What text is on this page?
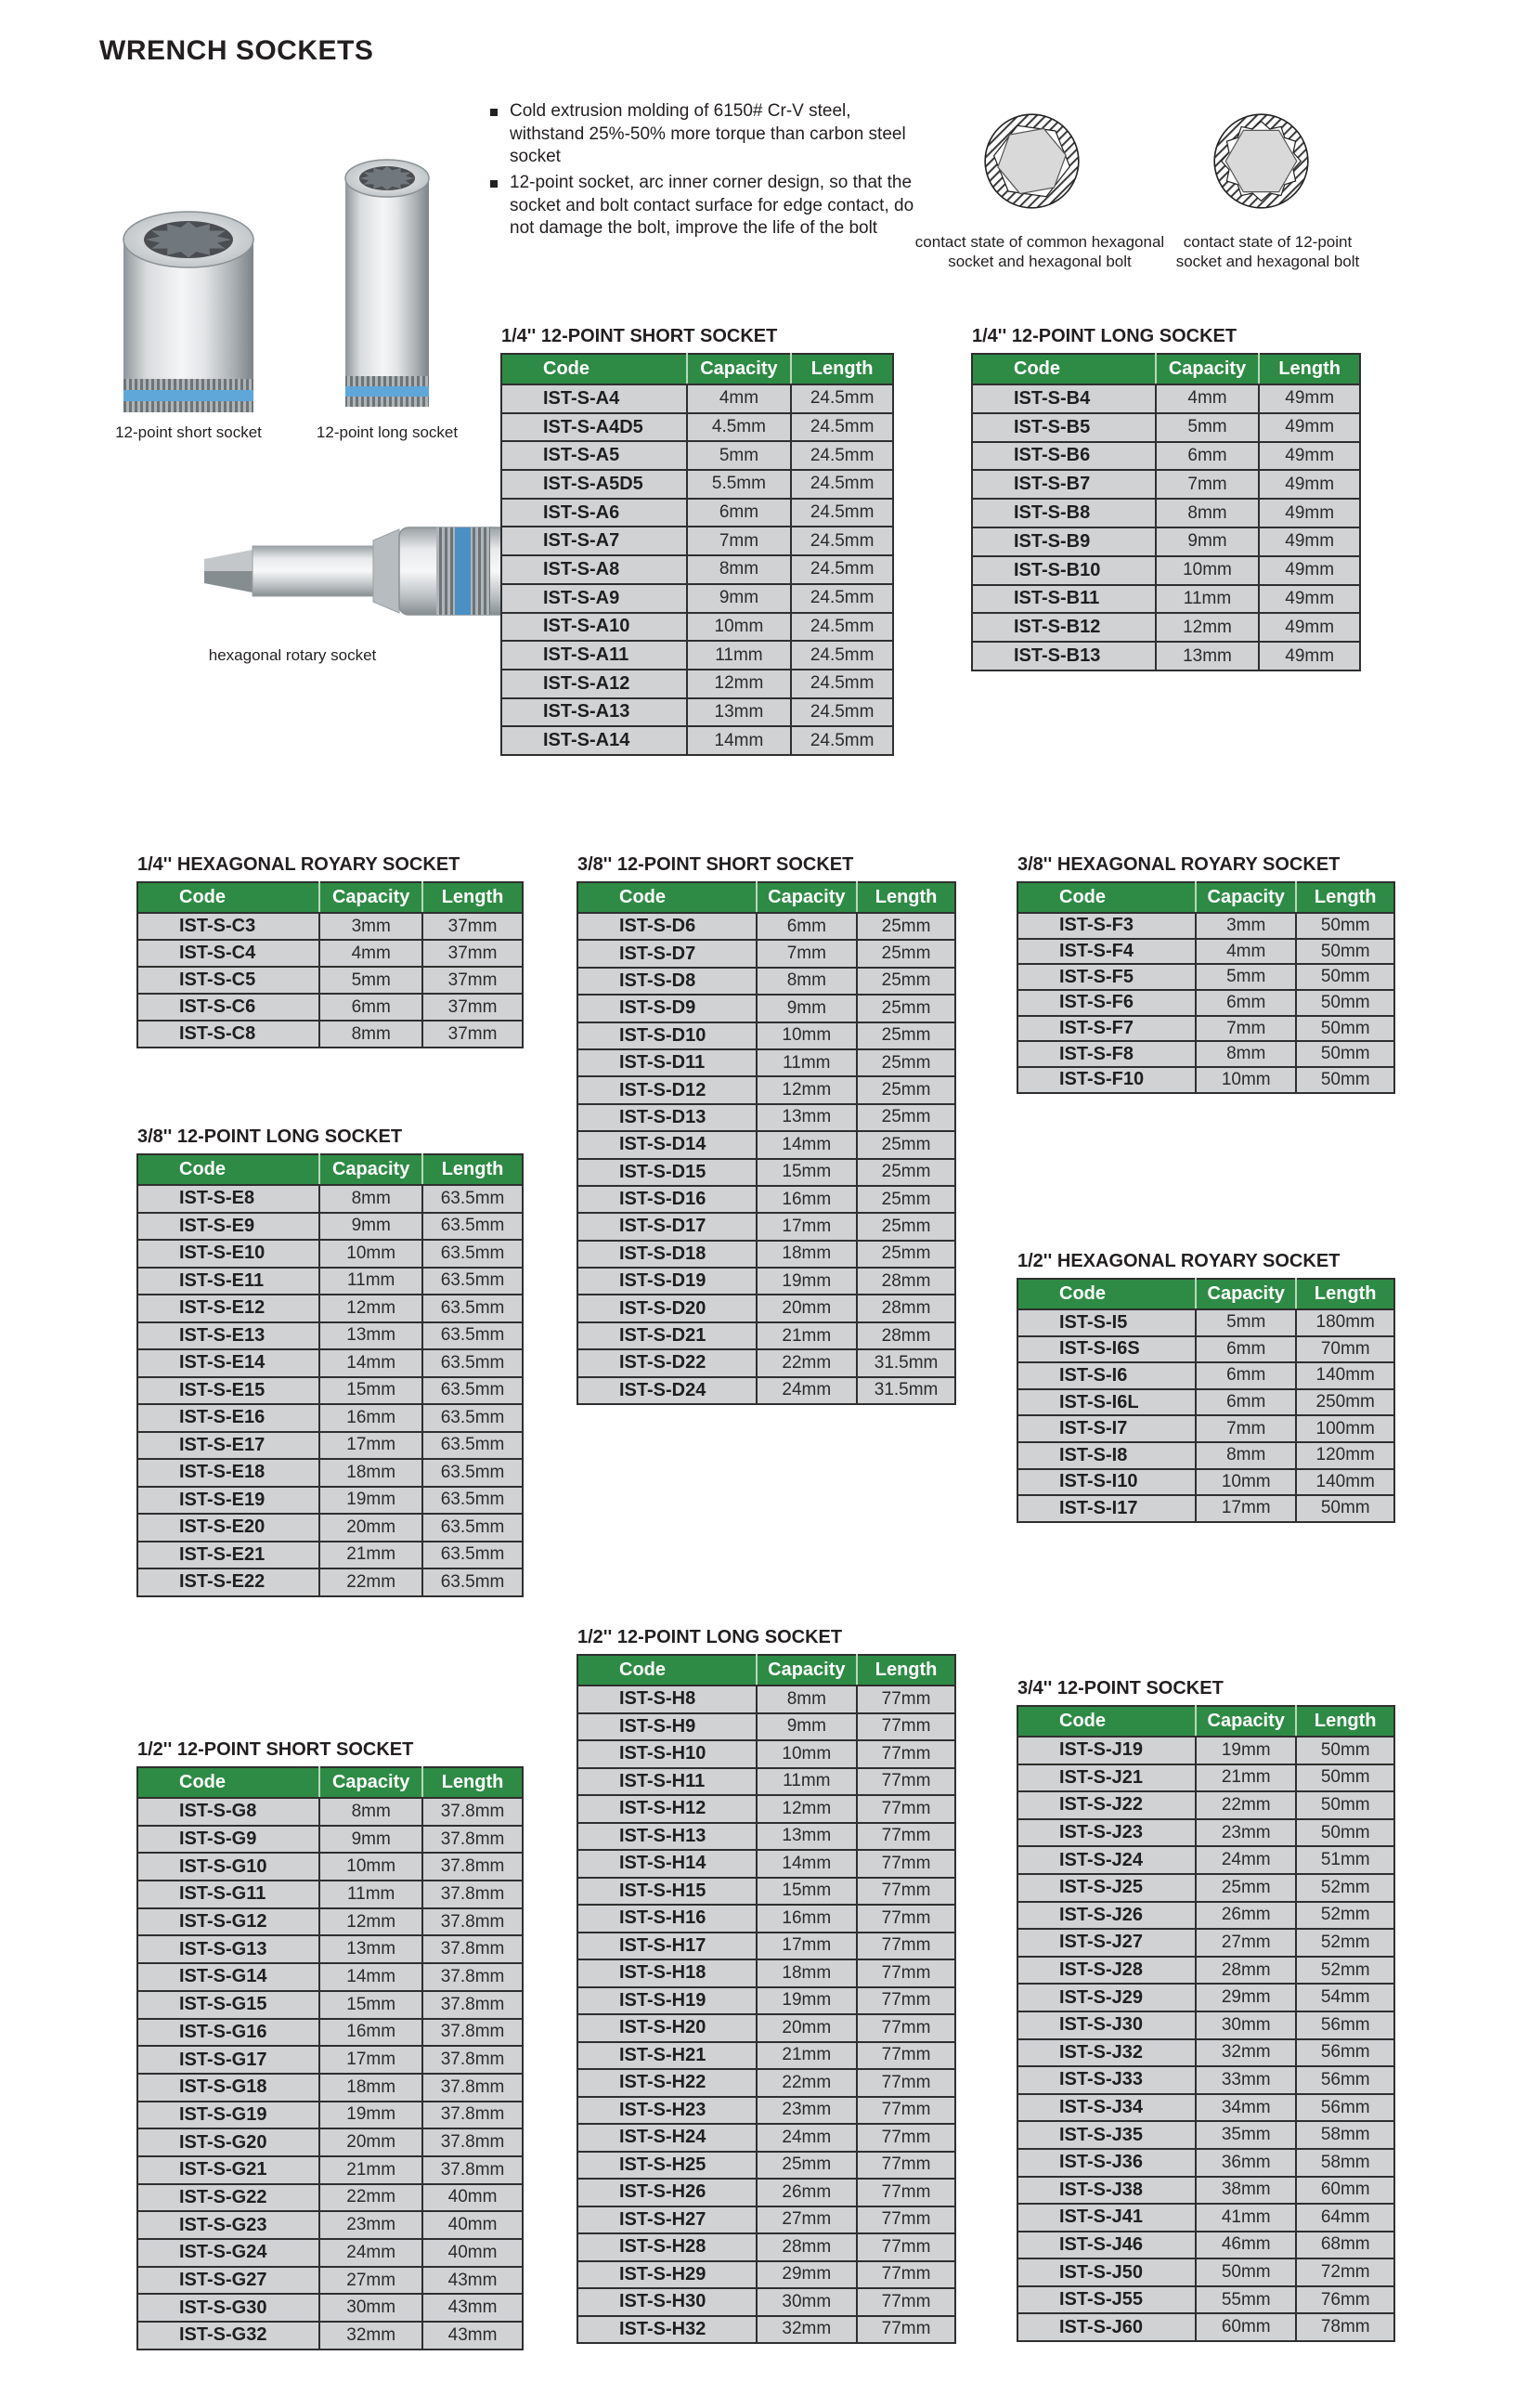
WRENCH SOCKETS
Cold extrusion molding of 6150# Cr-V steel, withstand 25%-50% more torque than carbon steel socket
12-point socket, arc inner corner design, so that the socket and bolt contact surface for edge contact, do not damage the bolt, improve the life of the bolt
contact state of common hexagonal socket and hexagonal bolt
contact state of 12-point socket and hexagonal bolt
12-point short socket	12-point long socket
hexagonal rotary socket
1/4'' 12-POINT SHORT SOCKET
Code	Capacity	Length
IST-S-A4	4mm	24.5mm
IST-S-A4D5	4.5mm	24.5mm
IST-S-A5	5mm	24.5mm
IST-S-A5D5	5.5mm	24.5mm
IST-S-A6	6mm	24.5mm
IST-S-A7	7mm	24.5mm
IST-S-A8	8mm	24.5mm
IST-S-A9	9mm	24.5mm
IST-S-A10	10mm	24.5mm
IST-S-A11	11mm	24.5mm
IST-S-A12	12mm	24.5mm
IST-S-A13	13mm	24.5mm
IST-S-A14	14mm	24.5mm
1/4'' 12-POINT LONG SOCKET
Code	Capacity	Length
IST-S-B4	4mm	49mm
IST-S-B5	5mm	49mm
IST-S-B6	6mm	49mm
IST-S-B7	7mm	49mm
IST-S-B8	8mm	49mm
IST-S-B9	9mm	49mm
IST-S-B10	10mm	49mm
IST-S-B11	11mm	49mm
IST-S-B12	12mm	49mm
IST-S-B13	13mm	49mm
1/4'' HEXAGONAL ROYARY SOCKET
Code	Capacity	Length
IST-S-C3	3mm	37mm
IST-S-C4	4mm	37mm
IST-S-C5	5mm	37mm
IST-S-C6	6mm	37mm
IST-S-C8	8mm	37mm
3/8'' 12-POINT SHORT SOCKET
Code	Capacity	Length
IST-S-D6	6mm	25mm
IST-S-D7	7mm	25mm
IST-S-D8	8mm	25mm
IST-S-D9	9mm	25mm
IST-S-D10	10mm	25mm
IST-S-D11	11mm	25mm
IST-S-D12	12mm	25mm
IST-S-D13	13mm	25mm
IST-S-D14	14mm	25mm
IST-S-D15	15mm	25mm
IST-S-D16	16mm	25mm
IST-S-D17	17mm	25mm
IST-S-D18	18mm	25mm
IST-S-D19	19mm	28mm
IST-S-D20	20mm	28mm
IST-S-D21	21mm	28mm
IST-S-D22	22mm	31.5mm
IST-S-D24	24mm	31.5mm
3/8'' HEXAGONAL ROYARY SOCKET
Code	Capacity	Length
IST-S-F3	3mm	50mm
IST-S-F4	4mm	50mm
IST-S-F5	5mm	50mm
IST-S-F6	6mm	50mm
IST-S-F7	7mm	50mm
IST-S-F8	8mm	50mm
IST-S-F10	10mm	50mm
3/8'' 12-POINT LONG SOCKET
Code	Capacity	Length
IST-S-E8	8mm	63.5mm
IST-S-E9	9mm	63.5mm
IST-S-E10	10mm	63.5mm
IST-S-E11	11mm	63.5mm
IST-S-E12	12mm	63.5mm
IST-S-E13	13mm	63.5mm
IST-S-E14	14mm	63.5mm
IST-S-E15	15mm	63.5mm
IST-S-E16	16mm	63.5mm
IST-S-E17	17mm	63.5mm
IST-S-E18	18mm	63.5mm
IST-S-E19	19mm	63.5mm
IST-S-E20	20mm	63.5mm
IST-S-E21	21mm	63.5mm
IST-S-E22	22mm	63.5mm
1/2'' HEXAGONAL ROYARY SOCKET
Code	Capacity	Length
IST-S-I5	5mm	180mm
IST-S-I6S	6mm	70mm
IST-S-I6	6mm	140mm
IST-S-I6L	6mm	250mm
IST-S-I7	7mm	100mm
IST-S-I8	8mm	120mm
IST-S-I10	10mm	140mm
IST-S-I17	17mm	50mm
1/2'' 12-POINT LONG SOCKET
Code	Capacity	Length
IST-S-H8	8mm	77mm
IST-S-H9	9mm	77mm
IST-S-H10	10mm	77mm
IST-S-H11	11mm	77mm
IST-S-H12	12mm	77mm
IST-S-H13	13mm	77mm
IST-S-H14	14mm	77mm
IST-S-H15	15mm	77mm
IST-S-H16	16mm	77mm
IST-S-H17	17mm	77mm
IST-S-H18	18mm	77mm
IST-S-H19	19mm	77mm
IST-S-H20	20mm	77mm
IST-S-H21	21mm	77mm
IST-S-H22	22mm	77mm
IST-S-H23	23mm	77mm
IST-S-H24	24mm	77mm
IST-S-H25	25mm	77mm
IST-S-H26	26mm	77mm
IST-S-H27	27mm	77mm
IST-S-H28	28mm	77mm
IST-S-H29	29mm	77mm
IST-S-H30	30mm	77mm
IST-S-H32	32mm	77mm
1/2'' 12-POINT SHORT SOCKET
Code	Capacity	Length
IST-S-G8	8mm	37.8mm
IST-S-G9	9mm	37.8mm
IST-S-G10	10mm	37.8mm
IST-S-G11	11mm	37.8mm
IST-S-G12	12mm	37.8mm
IST-S-G13	13mm	37.8mm
IST-S-G14	14mm	37.8mm
IST-S-G15	15mm	37.8mm
IST-S-G16	16mm	37.8mm
IST-S-G17	17mm	37.8mm
IST-S-G18	18mm	37.8mm
IST-S-G19	19mm	37.8mm
IST-S-G20	20mm	37.8mm
IST-S-G21	21mm	37.8mm
IST-S-G22	22mm	40mm
IST-S-G23	23mm	40mm
IST-S-G24	24mm	40mm
IST-S-G27	27mm	43mm
IST-S-G30	30mm	43mm
IST-S-G32	32mm	43mm
3/4'' 12-POINT SOCKET
Code	Capacity	Length
IST-S-J19	19mm	50mm
IST-S-J21	21mm	50mm
IST-S-J22	22mm	50mm
IST-S-J23	23mm	50mm
IST-S-J24	24mm	51mm
IST-S-J25	25mm	52mm
IST-S-J26	26mm	52mm
IST-S-J27	27mm	52mm
IST-S-J28	28mm	52mm
IST-S-J29	29mm	54mm
IST-S-J30	30mm	56mm
IST-S-J32	32mm	56mm
IST-S-J33	33mm	56mm
IST-S-J34	34mm	56mm
IST-S-J35	35mm	58mm
IST-S-J36	36mm	58mm
IST-S-J38	38mm	60mm
IST-S-J41	41mm	64mm
IST-S-J46	46mm	68mm
IST-S-J50	50mm	72mm
IST-S-J55	55mm	76mm
IST-S-J60	60mm	78mm
